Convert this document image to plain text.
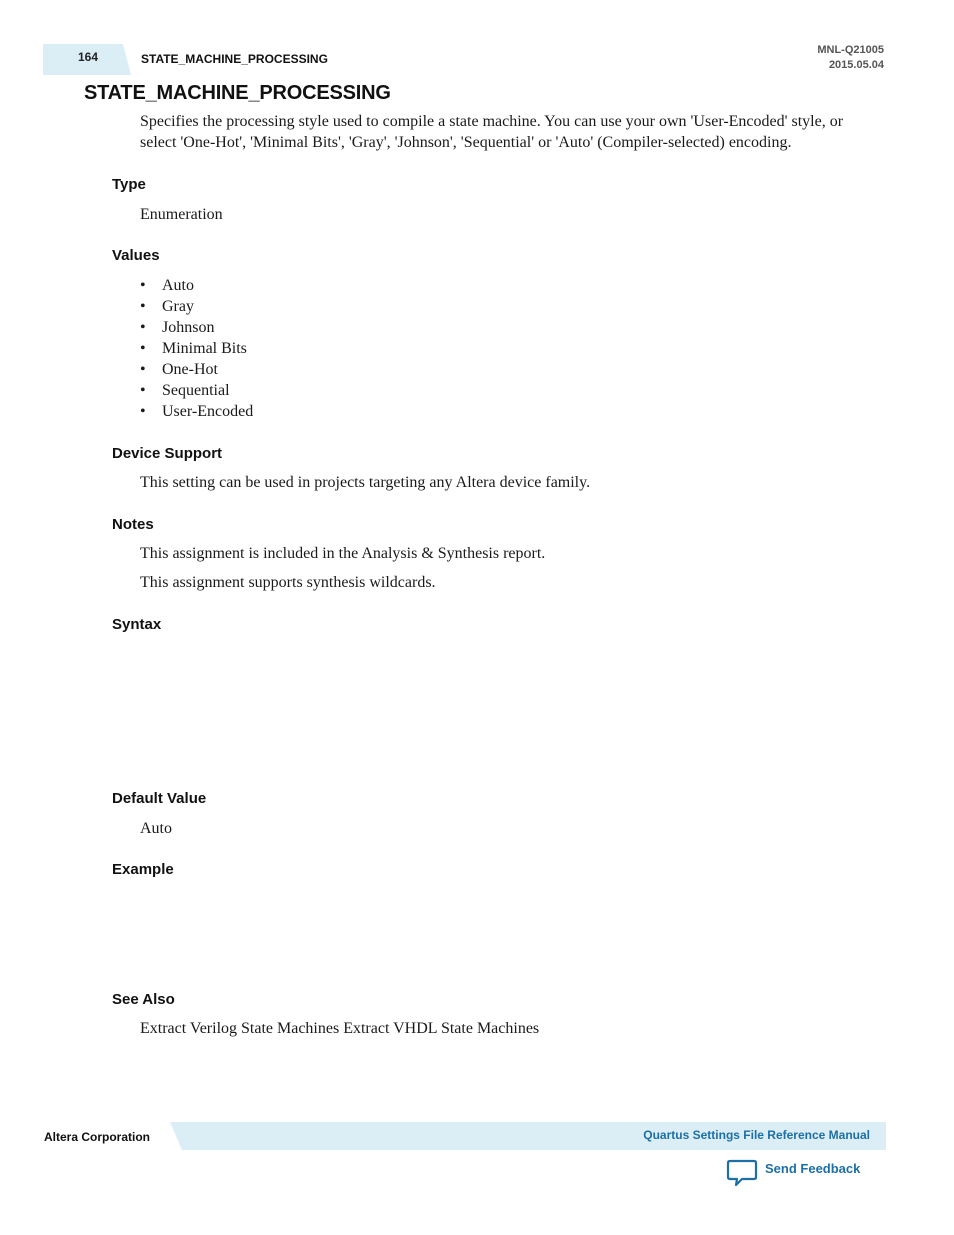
164	STATE_MACHINE_PROCESSING
MNL-Q21005
2015.05.04
STATE_MACHINE_PROCESSING
Specifies the processing style used to compile a state machine. You can use your own 'User-Encoded' style, or select 'One-Hot', 'Minimal Bits', 'Gray', 'Johnson', 'Sequential' or 'Auto' (Compiler-selected) encoding.
Type
Enumeration
Values
• Auto
• Gray
• Johnson
• Minimal Bits
• One-Hot
• Sequential
• User-Encoded
Device Support
This setting can be used in projects targeting any Altera device family.
Notes
This assignment is included in the Analysis & Synthesis report.
This assignment supports synthesis wildcards.
Syntax
Default Value
Auto
Example
See Also
Extract Verilog State Machines Extract VHDL State Machines
Altera Corporation	Quartus Settings File Reference Manual
Send Feedback
